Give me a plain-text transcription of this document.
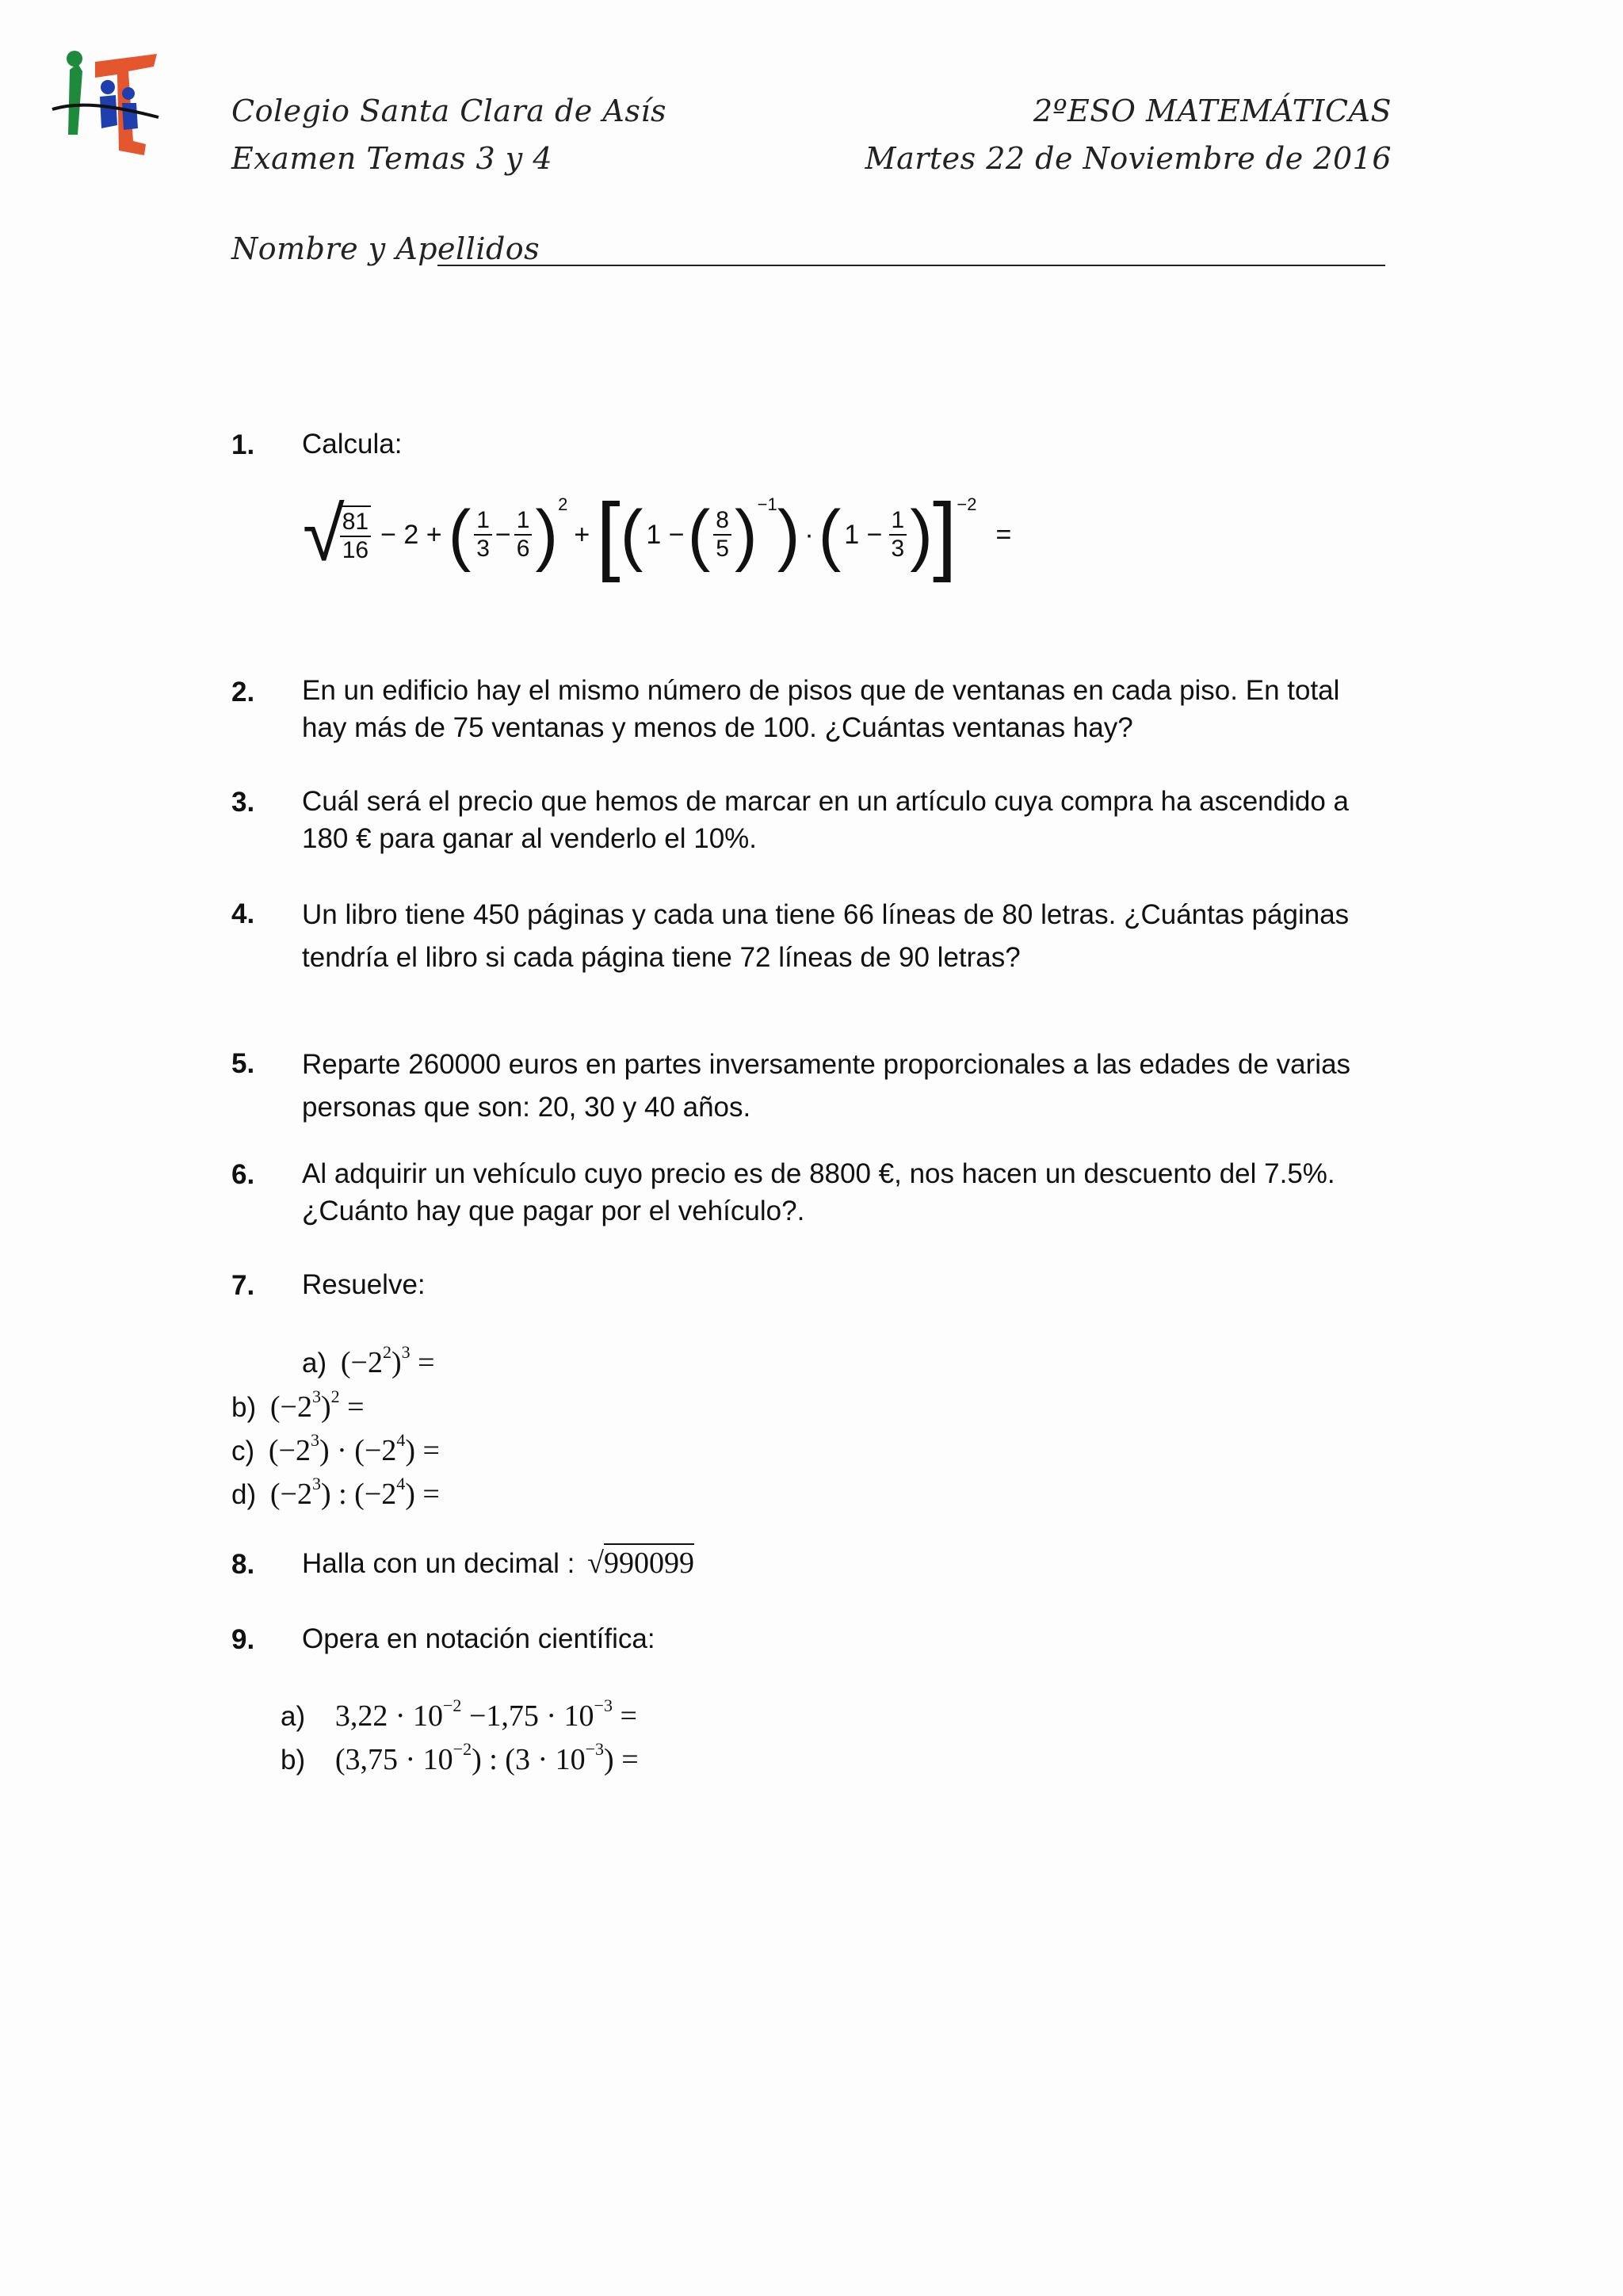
Colegio Santa Clara de Asís
Examen Temas 3 y 4
2ºESO MATEMÁTICAS
Martes 22 de Noviembre de 2016
Nombre y Apellidos
1. Calcula:
√
$\frac{81}{16} - 2$ + ( $\frac{1}{3} - \frac{1}{6}$ ) 2
+ [ ( 1 − ( $\frac{8}{5}$ ) −1 ) · ( $1 - \frac{1}{3}$ ) ] −2
=
2. En un edificio hay el mismo número de pisos que de ventanas en cada piso. En total hay más de 75 ventanas y menos de 100. ¿Cuántas ventanas hay?
3. Cuál será el precio que hemos de marcar en un artículo cuya compra ha ascendido a 180 € para ganar al venderlo el 10%.
4. Un libro tiene 450 páginas y cada una tiene 66 líneas de 80 letras. ¿Cuántas páginas tendría el libro si cada página tiene 72 líneas de 90 letras?
5. Reparte 260000 euros en partes inversamente proporcionales a las edades de varias personas que son: 20, 30 y 40 años.
6. Al adquirir un vehículo cuyo precio es de 8800 €, nos hacen un descuento del 7.5%. ¿Cuánto hay que pagar por el vehículo?.
7. Resuelve:
a) $(-2^2)^3$ =
b) $(-2^3)^2$ =
c) $(-2^3) \cdot (-2^4)$ =
d) $(-2^3)$ : $(-2^4)$ =
8. Halla con un decimal : √990099
9. Opera en notación científica:
a) $3,22 \cdot 10^{-2} -1,75 \cdot 10^{-3}$ =
b) $(3,75 \cdot 10^{-2})$ : $(3 \cdot 10^{-3})$ =
